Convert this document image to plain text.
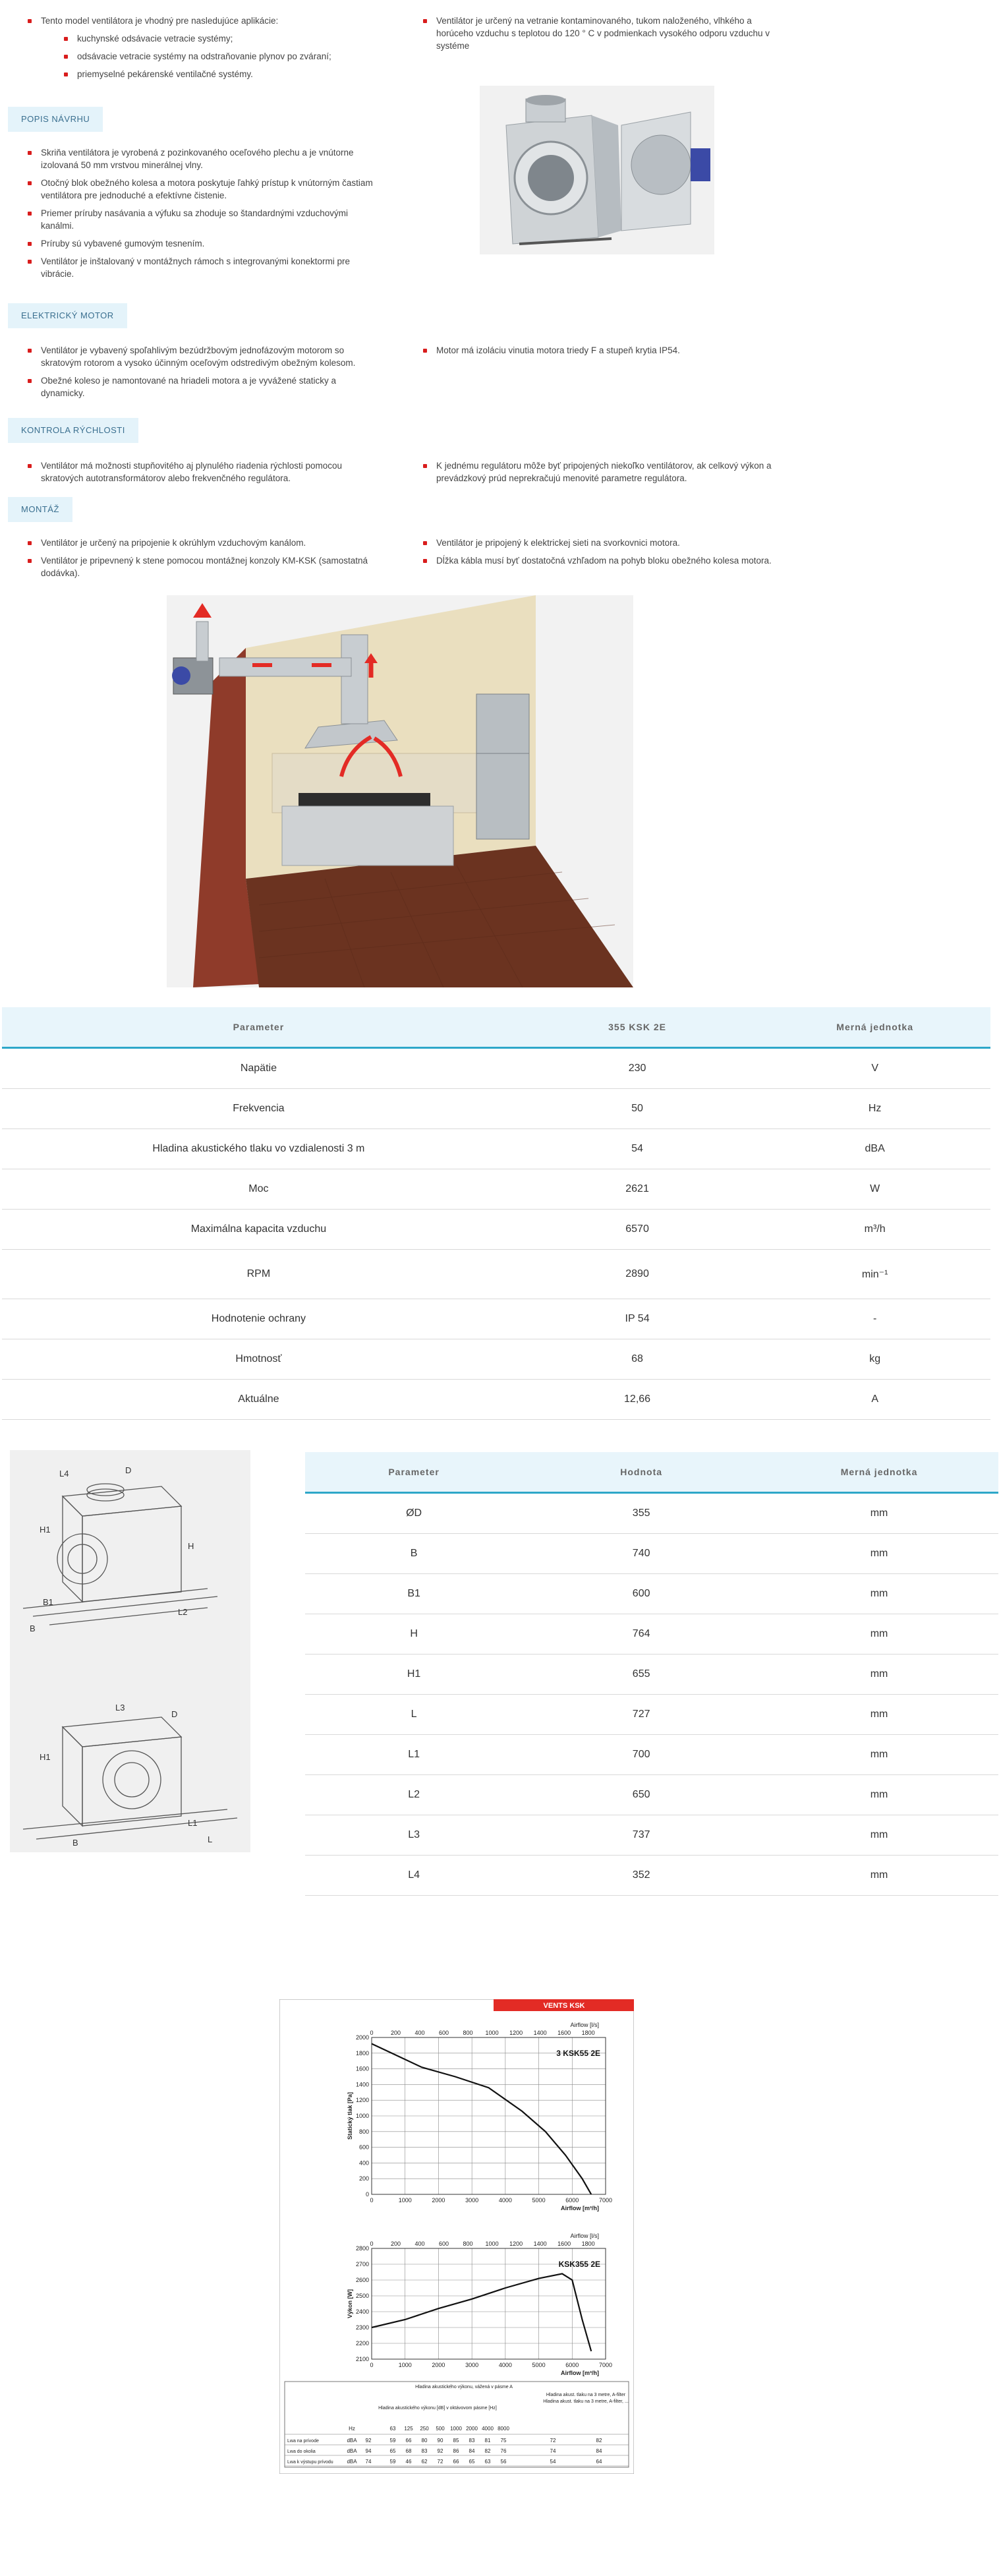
Tento model ventilátora je vhodný pre nasledujúce aplikácie:
kuchynské odsávacie vetracie systémy;
odsávacie vetracie systémy na odstraňovanie plynov po zváraní;
priemyselné pekárenské ventilačné systémy.
Ventilátor je určený na vetranie kontaminovaného, tukom naloženého, vlhkého a horúceho vzduchu s teplotou do 120 ° C v podmienkach vysokého odporu vzduchu v systéme
POPIS NÁVRHU
Skriňa ventilátora je vyrobená z pozinkovaného oceľového plechu a je vnútorne izolovaná 50 mm vrstvou minerálnej vlny.
Otočný blok obežného kolesa a motora poskytuje ľahký prístup k vnútorným častiam ventilátora pre jednoduché a efektívne čistenie.
Priemer príruby nasávania a výfuku sa zhoduje so štandardnými vzduchovými kanálmi.
Príruby sú vybavené gumovým tesnením.
Ventilátor je inštalovaný v montážnych rámoch s integrovanými konektormi pre vibrácie.
ELEKTRICKÝ MOTOR
Ventilátor je vybavený spoľahlivým bezúdržbovým jednofázovým motorom so skratovým rotorom a vysoko účinným oceľovým odstredivým obežným kolesom.
Obežné koleso je namontované na hriadeli motora a je vyvážené staticky a dynamicky.
Motor má izoláciu vinutia motora triedy F a stupeň krytia IP54.
KONTROLA RÝCHLOSTI
Ventilátor má možnosti stupňovitého aj plynulého riadenia rýchlosti pomocou skratových autotransformátorov alebo frekvenčného regulátora.
K jednému regulátoru môže byť pripojených niekoľko ventilátorov, ak celkový výkon a prevádzkový prúd neprekračujú menovité parametre regulátora.
MONTÁŽ
Ventilátor je určený na pripojenie k okrúhlym vzduchovým kanálom.
Ventilátor je pripevnený k stene pomocou montážnej konzoly KM-KSK (samostatná dodávka).
Ventilátor je pripojený k elektrickej sieti na svorkovnici motora.
Dĺžka kábla musí byť dostatočná vzhľadom na pohyb bloku obežného kolesa motora.
Parameter	355 KSK 2E	Merná jednotka
Napätie	230	V
Frekvencia	50	Hz
Hladina akustického tlaku vo vzdialenosti 3 m	54	dBA
Moc	2621	W
Maximálna kapacita vzduchu	6570	m³/h
RPM	2890	min⁻¹
Hodnotenie ochrany	IP 54	-
Hmotnosť	68	kg
Aktuálne	12,66	A
L4	D
H1
H
B1
B
L2
L3
L1
L
D
H1
B
Parameter	Hodnota	Merná jednotka
ØD	355	mm
B	740	mm
B1	600	mm
H	764	mm
H1	655	mm
L	727	mm
L1	700	mm
L2	650	mm
L3	737	mm
L4	352	mm
VENTS KSK
2000
1800
1600
1400
1200
1000
800
600
400
200
0
0	1000	2000	3000	4000	5000	6000	7000
0	200 400 600 800 1000 1200 1400 1600 1800
Airflow [l/s]
Airflow [m³/h]
3 KSK55 2E
Statický tlak [Pa]
2800
2700
2600
2500
2400
2300
2200
2100
0	1000	2000	3000	4000	5000	6000	7000
0	200 400 600 800 1000 1200 1400 1600 1800
Airflow [l/s]
Airflow [m³/h]
KSK355 2E
Výkon [W]
Hladina akustického výkonu, vážená v pásme A
Hladina akustického výkonu [dB] v oktávovom pásme [Hz]
Hladina akust. tlaku na 3 metre, A-filter
Hladina akust. tlaku na 3 metre, A-filter, ...
Hz	63 125 250 500 1000 2000 4000 8000
Lwa na prívode	dBA 92	59 66 80 90 85 83 81 75	72	82
Lwa do okolia	dBA 94	65 68 83 92 86 84 82 76	74	84
Lwa k výstupu prívodu	dBA 74	59 46 62 72 66 65 63 56	54	64
